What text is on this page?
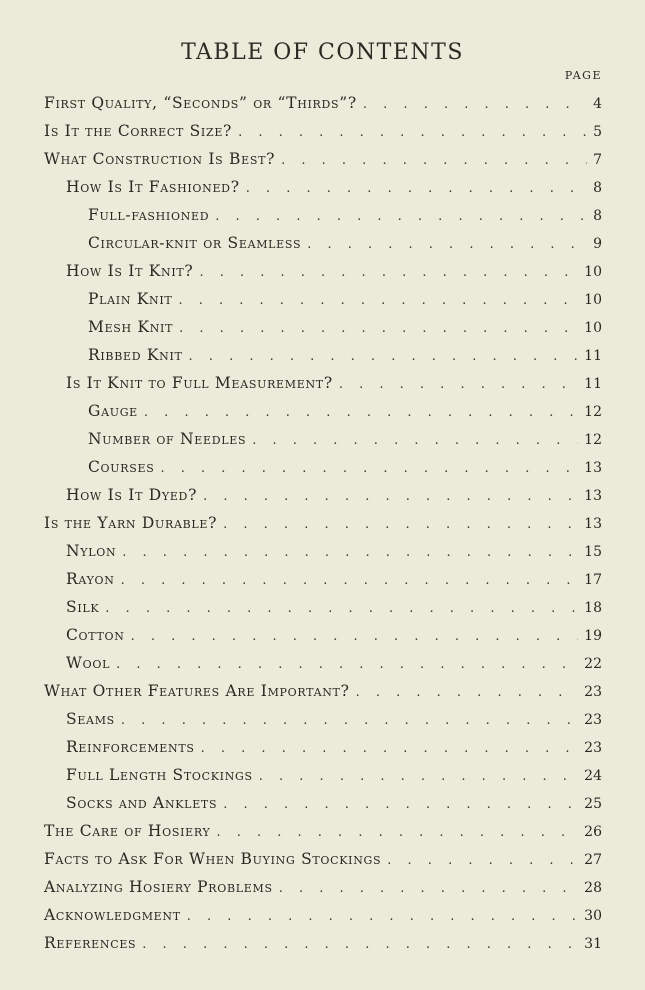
TABLE OF CONTENTS
PAGE
First Quality, “Seconds” or “Thirds”? . . .	4
Is It the Correct Size? . . .	5
What Construction Is Best? . . .	7
How Is It Fashioned? . . .	8
Full-fashioned . . .	8
Circular-knit or Seamless . . .	9
How Is It Knit? . . .	10
Plain Knit . . .	10
Mesh Knit . . .	10
Ribbed Knit . . .	11
Is It Knit to Full Measurement? . . .	11
Gauge . . .	12
Number of Needles . . .	12
Courses . . .	13
How Is It Dyed? . . .	13
Is the Yarn Durable? . . .	13
Nylon . . .	15
Rayon . . .	17
Silk . . .	18
Cotton . . .	19
Wool . . .	22
What Other Features Are Important? . . .	23
Seams . . .	23
Reinforcements . . .	23
Full Length Stockings . . .	24
Socks and Anklets . . .	25
The Care of Hosiery . . .	26
Facts to Ask For When Buying Stockings . . .	27
Analyzing Hosiery Problems . . .	28
Acknowledgment . . .	30
References . . .	31
